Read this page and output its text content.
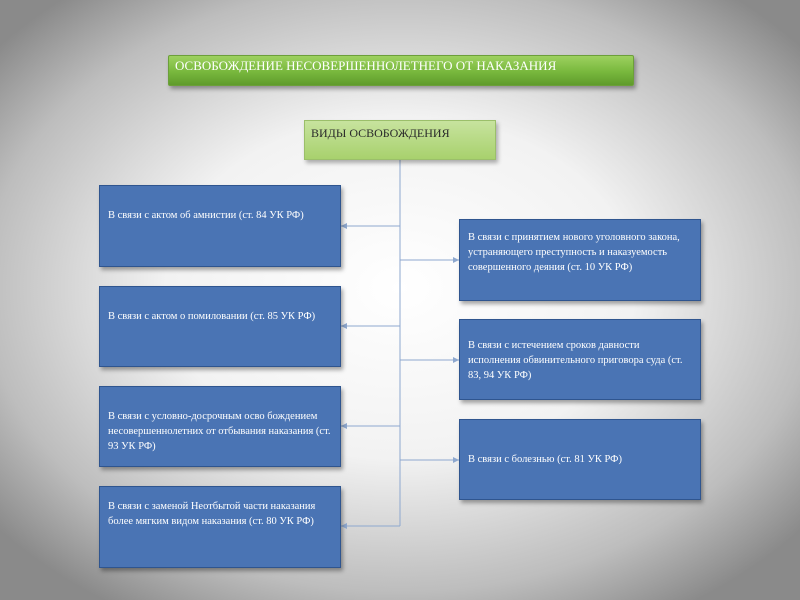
ОСВОБОЖДЕНИЕ НЕСОВЕРШЕННОЛЕТНЕГО ОТ НАКАЗАНИЯ
ВИДЫ ОСВОБОЖДЕНИЯ
В связи с актом об амнистии (ст. 84 УК РФ)
В связи с актом о помиловании (ст. 85 УК РФ)
В связи с условно-досрочным осво бождением несовершеннолетних от отбывания наказания (ст. 93 УК РФ)
В связи с заменой Неотбытой части наказания более мягким видом наказания (ст. 80 УК РФ)
В связи с принятием нового уголовного закона, устраняющего преступность и наказуемость совершенного деяния (ст. 10 УК РФ)
В связи с истечением сроков давности исполнения обвинительного приговора суда (ст. 83, 94 УК РФ)
В связи с болезнью (ст. 81 УК РФ)
